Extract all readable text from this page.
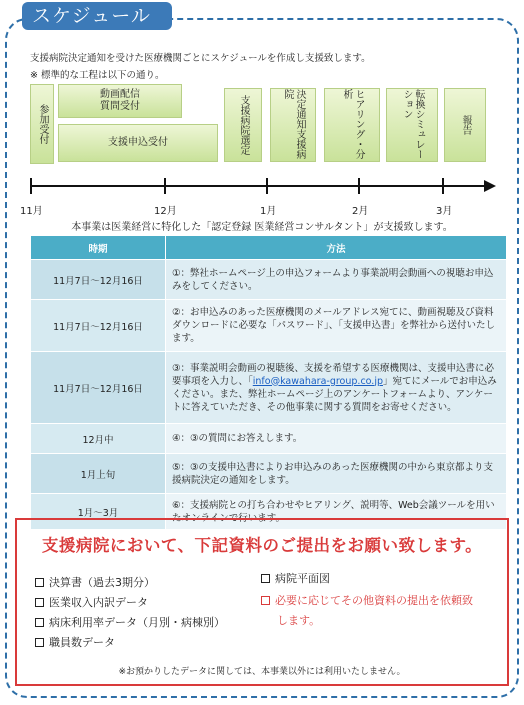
スケジュール
支援病院決定通知を受けた医療機関ごとにスケジュールを作成し支援致します。
※ 標準的な工程は以下の通り。
参加受付
動画配信
質問受付
支援申込受付	支援病院選定	決定通知支援病院	ヒアリング・分析	転換シミュレーション
報告
11月	12月	1月	2月	3月
本事業は医業経営に特化した「認定登録 医業経営コンサルタント」が支援致します。
時期	方法
11月7日～12月16日	①：弊社ホームページ上の申込フォームより事業説明会動画への視聴お申込みをしてください。
11月7日～12月16日	②：お申込みのあった医療機関のメールアドレス宛てに、動画視聴及び資料ダウンロードに必要な「パスワード」、「支援申込書」を弊社から送付いたします。
11月7日～12月16日	③：事業説明会動画の視聴後、支援を希望する医療機関は、支援申込書に必要事項を入力し、「info@kawahara-group.co.jp」宛てにメールでお申込みください。また、弊社ホームページ上のアンケートフォームより、アンケートに答えていただき、その他事業に関する質問をお寄せください。
12月中	④：③の質問にお答えします。
1月上旬	⑤：③の支援申込書によりお申込みのあった医療機関の中から東京都より支援病院決定の通知をします。
1月～3月	⑥：支援病院との打ち合わせやヒアリング、説明等、Web会議ツールを用いたオンラインで行います。
支援病院において、下記資料のご提出をお願い致します。
決算書（過去3期分）
医業収入内訳データ
病床利用率データ（月別・病棟別）
職員数データ
病院平面図
必要に応じてその他資料の提出を依頼致
します。
※お預かりしたデータに関しては、本事業以外には利用いたしません。
